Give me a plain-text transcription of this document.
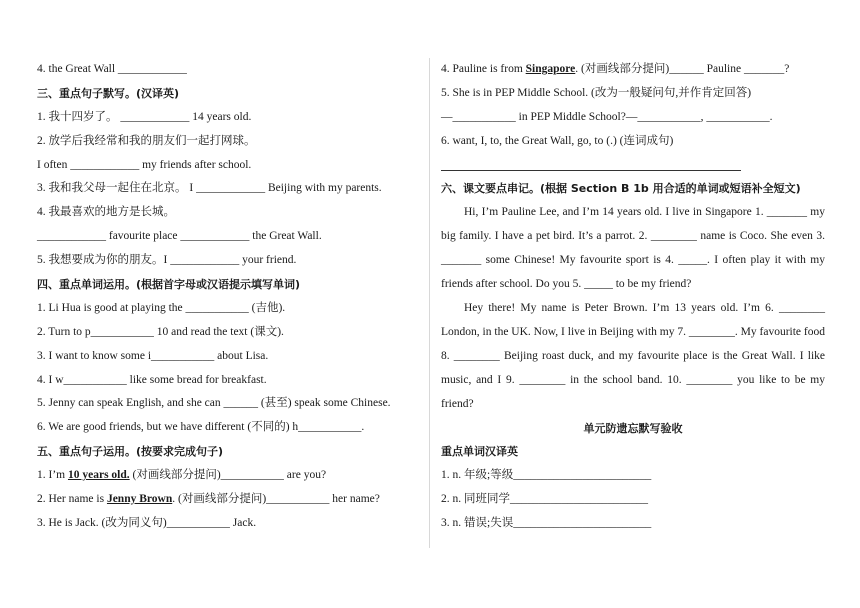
4. the Great Wall ____________
三、重点句子默写。(汉译英)
1. 我十四岁了。 ____________ 14 years old.
2. 放学后我经常和我的朋友们一起打网球。
I often ____________ my friends after school.
3. 我和我父母一起住在北京。 I ____________ Beijing with my parents.
4. 我最喜欢的地方是长城。
____________ favourite place ____________ the Great Wall.
5. 我想要成为你的朋友。I ____________ your friend.
四、重点单词运用。(根据首字母或汉语提示填写单词)
1. Li Hua is good at playing the ___________ (吉他).
2. Turn to p___________ 10 and read the text (课文).
3. I want to know some i___________ about Lisa.
4. I w___________ like some bread for breakfast.
5. Jenny can speak English, and she can ______ (甚至) speak some Chinese.
6. We are good friends, but we have different (不同的) h___________.
五、重点句子运用。(按要求完成句子)
1. I’m 10 years old. (对画线部分提问)___________ are you?
2. Her name is Jenny Brown. (对画线部分提问)___________ her name?
3. He is Jack. (改为同义句)___________ Jack.
4. Pauline is from Singapore. (对画线部分提问)______ Pauline _______?
5. She is in PEP Middle School. (改为一般疑问句,并作肯定回答)
—___________ in PEP Middle School?—___________, ___________.
6. want, I, to, the Great Wall, go, to (.) (连词成句)
六、课文要点串记。(根据 Section B 1b 用合适的单词或短语补全短文)

Hi, I’m Pauline Lee, and I’m 14 years old. I live in Singapore 1. _______ my big family. I have a pet bird. It’s a parrot. 2. ________ name is Coco. She even 3. _______ some Chinese! My favourite sport is 4. _____. I often play it with my friends after school. Do you 5. _____ to be my friend?

Hey there! My name is Peter Brown. I’m 13 years old. I’m 6. ________ London, in the UK. Now, I live in Beijing with my 7. ________. My favourite food 8. ________ Beijing roast duck, and my favourite place is the Great Wall. I like music, and I 9. ________ in the school band. 10. ________ you like to be my friend?

单元防遗忘默写验收
重点单词汉译英
1. n. 年级;等级________________________
2. n. 同班同学________________________
3. n. 错误;失误________________________
